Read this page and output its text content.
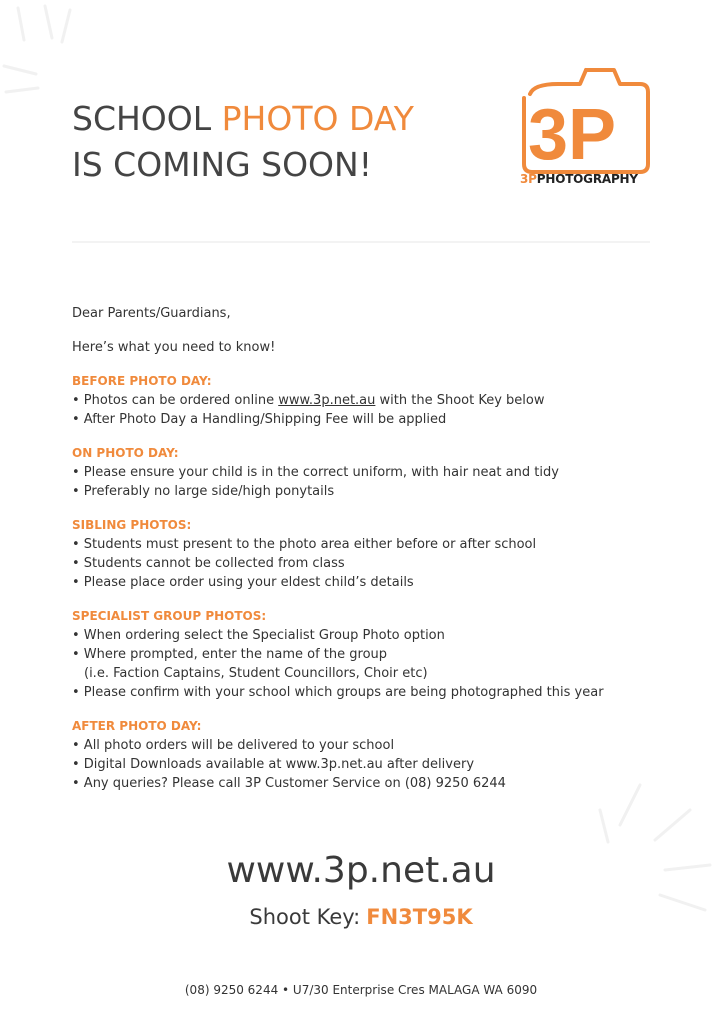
SCHOOL PHOTO DAY
IS COMING SOON!	3P
3PPHOTOGRAPHY

Dear Parents/Guardians,

Here’s what you need to know!

BEFORE PHOTO DAY:
• Photos can be ordered online www.3p.net.au with the Shoot Key below
• After Photo Day a Handling/Shipping Fee will be applied
ON PHOTO DAY:
• Please ensure your child is in the correct uniform, with hair neat and tidy
• Preferably no large side/high ponytails
SIBLING PHOTOS:
• Students must present to the photo area either before or after school
• Students cannot be collected from class
• Please place order using your eldest child’s details
SPECIALIST GROUP PHOTOS:
• When ordering select the Specialist Group Photo option
• Where prompted, enter the name of the group
(i.e. Faction Captains, Student Councillors, Choir etc)
• Please confirm with your school which groups are being photographed this year
AFTER PHOTO DAY:
• All photo orders will be delivered to your school
• Digital Downloads available at www.3p.net.au after delivery
• Any queries? Please call 3P Customer Service on (08) 9250 6244
www.3p.net.au
Shoot Key: FN3T95K
(08) 9250 6244 • U7/30 Enterprise Cres MALAGA WA 6090
